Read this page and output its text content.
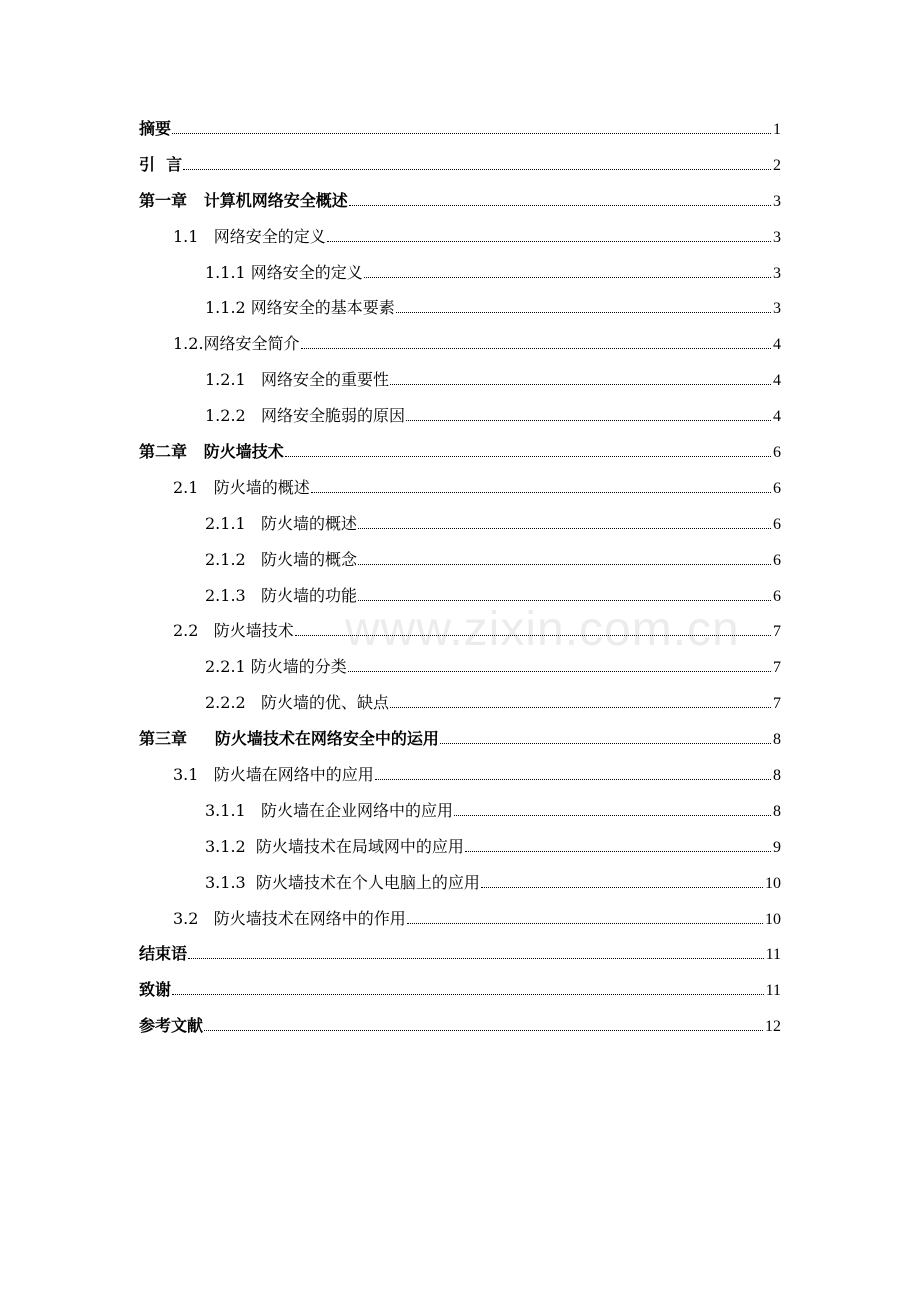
www.zixin.com.cn
摘要	1
引  言	2
第一章   计算机网络安全概述	3
1.1   网络安全的定义	3
1.1.1 网络安全的定义	3
1.1.2 网络安全的基本要素	3
1.2.网络安全简介	4
1.2.1   网络安全的重要性	4
1.2.2   网络安全脆弱的原因	4
第二章   防火墙技术	6
2.1   防火墙的概述	6
2.1.1   防火墙的概述	6
2.1.2   防火墙的概念	6
2.1.3   防火墙的功能	6
2.2   防火墙技术	7
2.2.1 防火墙的分类	7
2.2.2   防火墙的优、缺点	7
第三章     防火墙技术在网络安全中的运用	8
3.1   防火墙在网络中的应用	8
3.1.1   防火墙在企业网络中的应用	8
3.1.2  防火墙技术在局域网中的应用	9
3.1.3  防火墙技术在个人电脑上的应用	10
3.2   防火墙技术在网络中的作用	10
结束语	11
致谢	11
参考文献	12
